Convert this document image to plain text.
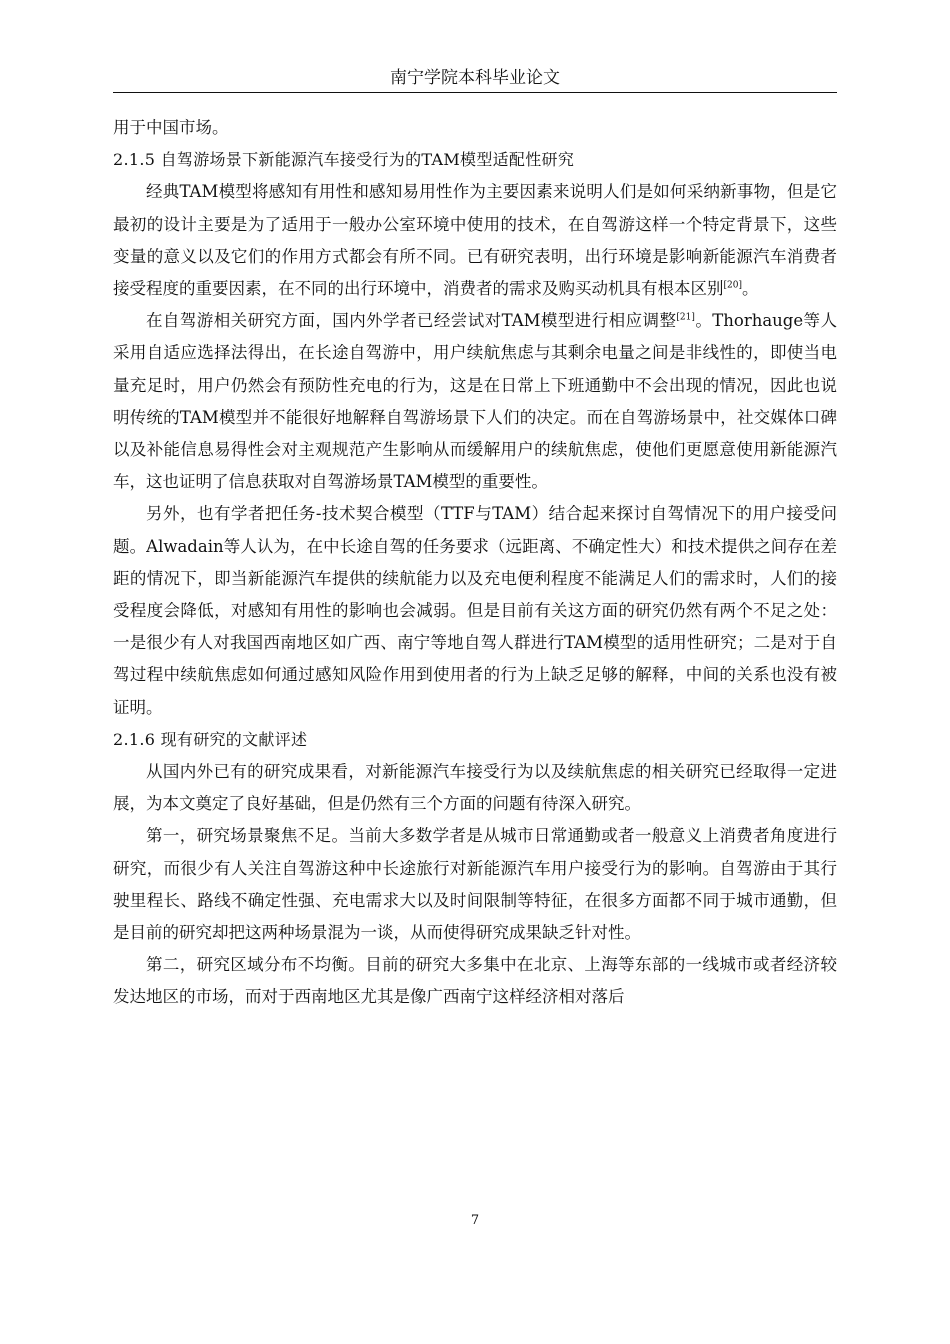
南宁学院本科毕业论文

用于中国市场。

2.1.5 自驾游场景下新能源汽车接受行为的TAM模型适配性研究

经典TAM模型将感知有用性和感知易用性作为主要因素来说明人们是如何采纳新事物，但是它最初的设计主要是为了适用于一般办公室环境中使用的技术，在自驾游这样一个特定背景下，这些变量的意义以及它们的作用方式都会有所不同。已有研究表明，出行环境是影响新能源汽车消费者接受程度的重要因素，在不同的出行环境中，消费者的需求及购买动机具有根本区别[20]。

在自驾游相关研究方面，国内外学者已经尝试对TAM模型进行相应调整[21]。Thorhauge等人采用自适应选择法得出，在长途自驾游中，用户续航焦虑与其剩余电量之间是非线性的，即使当电量充足时，用户仍然会有预防性充电的行为，这是在日常上下班通勤中不会出现的情况，因此也说明传统的TAM模型并不能很好地解释自驾游场景下人们的决定。而在自驾游场景中，社交媒体口碑以及补能信息易得性会对主观规范产生影响从而缓解用户的续航焦虑，使他们更愿意使用新能源汽车，这也证明了信息获取对自驾游场景TAM模型的重要性。

另外，也有学者把任务-技术契合模型（TTF与TAM）结合起来探讨自驾情况下的用户接受问题。Alwadain等人认为，在中长途自驾的任务要求（远距离、不确定性大）和技术提供之间存在差距的情况下，即当新能源汽车提供的续航能力以及充电便利程度不能满足人们的需求时，人们的接受程度会降低，对感知有用性的影响也会减弱。但是目前有关这方面的研究仍然有两个不足之处：一是很少有人对我国西南地区如广西、南宁等地自驾人群进行TAM模型的适用性研究；二是对于自驾过程中续航焦虑如何通过感知风险作用到使用者的行为上缺乏足够的解释，中间的关系也没有被证明。

2.1.6 现有研究的文献评述

从国内外已有的研究成果看，对新能源汽车接受行为以及续航焦虑的相关研究已经取得一定进展，为本文奠定了良好基础，但是仍然有三个方面的问题有待深入研究。

第一，研究场景聚焦不足。当前大多数学者是从城市日常通勤或者一般意义上消费者角度进行研究，而很少有人关注自驾游这种中长途旅行对新能源汽车用户接受行为的影响。自驾游由于其行驶里程长、路线不确定性强、充电需求大以及时间限制等特征，在很多方面都不同于城市通勤，但是目前的研究却把这两种场景混为一谈，从而使得研究成果缺乏针对性。

第二，研究区域分布不均衡。目前的研究大多集中在北京、上海等东部的一线城市或者经济较发达地区的市场，而对于西南地区尤其是像广西南宁这样经济相对落后

7
